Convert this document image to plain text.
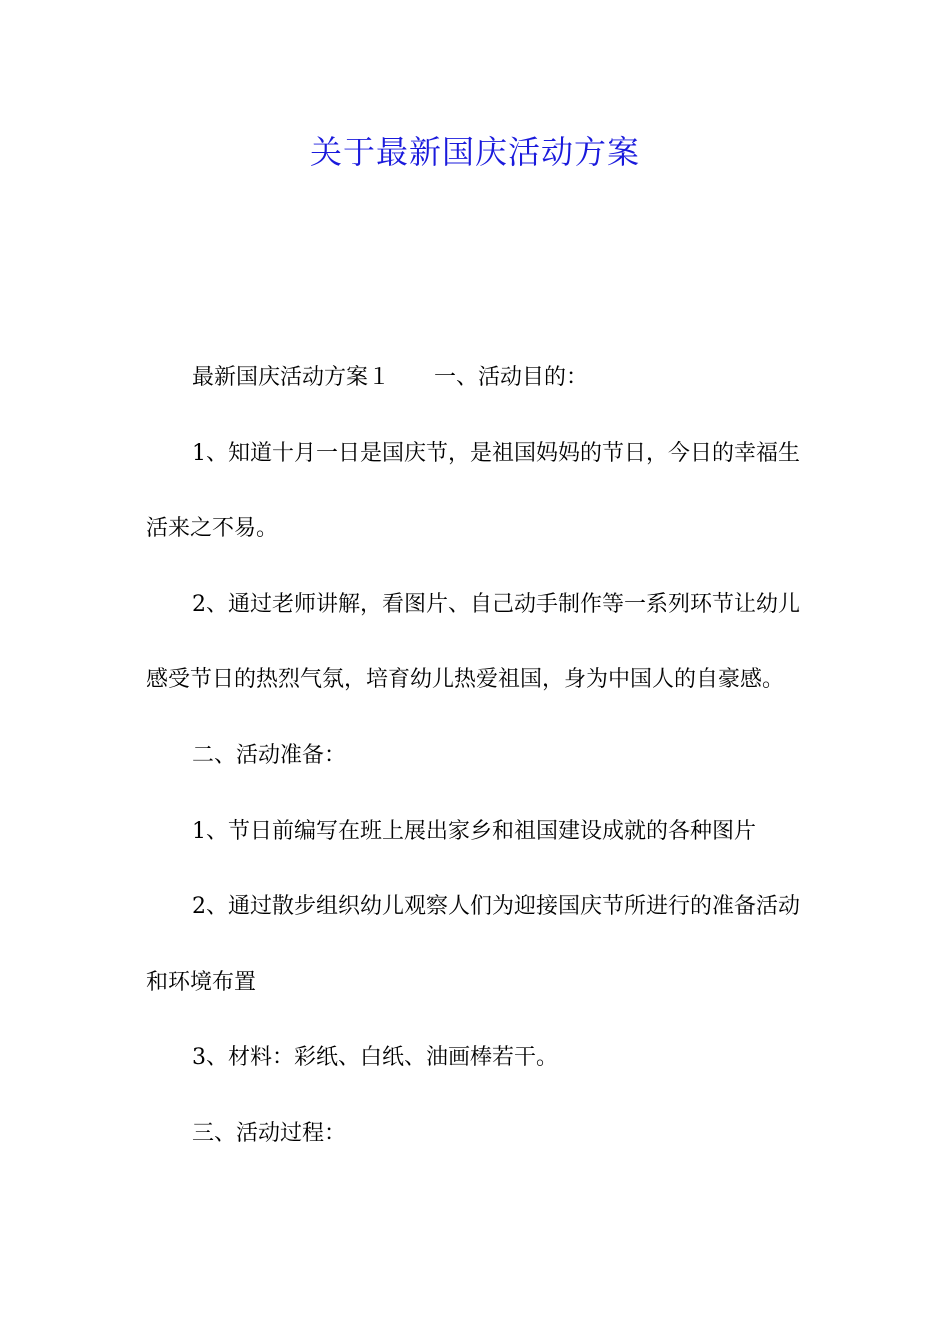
关于最新国庆活动方案

最新国庆活动方案１　　一、活动目的：

1、知道十月一日是国庆节，是祖国妈妈的节日，今日的幸福生活来之不易。

2、通过老师讲解，看图片、自己动手制作等一系列环节让幼儿感受节日的热烈气氛，培育幼儿热爱祖国，身为中国人的自豪感。

二、活动准备：

1、节日前编写在班上展出家乡和祖国建设成就的各种图片

2、通过散步组织幼儿观察人们为迎接国庆节所进行的准备活动和环境布置

3、材料：彩纸、白纸、油画棒若干。

三、活动过程：
